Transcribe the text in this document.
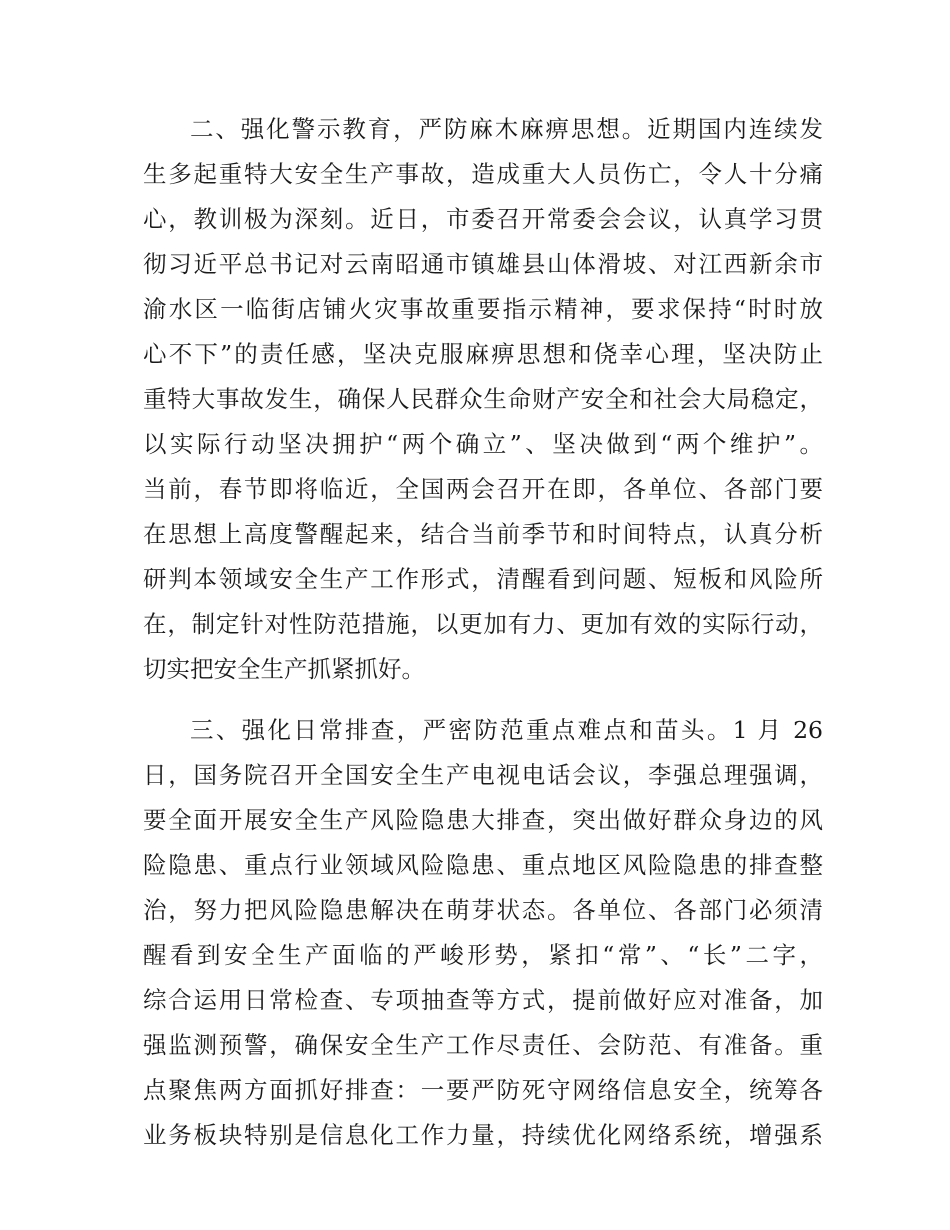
二、强化警示教育，严防麻木麻痹思想。近期国内连续发
生多起重特大安全生产事故，造成重大人员伤亡，令人十分痛
心，教训极为深刻。近日，市委召开常委会会议，认真学习贯
彻习近平总书记对云南昭通市镇雄县山体滑坡、对江西新余市
渝水区一临街店铺火灾事故重要指示精神，要求保持“时时放
心不下”的责任感，坚决克服麻痹思想和侥幸心理，坚决防止
重特大事故发生，确保人民群众生命财产安全和社会大局稳定，
以实际行动坚决拥护“两个确立”、坚决做到“两个维护”。
当前，春节即将临近，全国两会召开在即，各单位、各部门要
在思想上高度警醒起来，结合当前季节和时间特点，认真分析
研判本领域安全生产工作形式，清醒看到问题、短板和风险所
在，制定针对性防范措施，以更加有力、更加有效的实际行动，
切实把安全生产抓紧抓好。
三、强化日常排查，严密防范重点难点和苗头。1 月 26
日，国务院召开全国安全生产电视电话会议，李强总理强调，
要全面开展安全生产风险隐患大排查，突出做好群众身边的风
险隐患、重点行业领域风险隐患、重点地区风险隐患的排查整
治，努力把风险隐患解决在萌芽状态。各单位、各部门必须清
醒看到安全生产面临的严峻形势，紧扣“常”、“长”二字，
综合运用日常检查、专项抽查等方式，提前做好应对准备，加
强监测预警，确保安全生产工作尽责任、会防范、有准备。重
点聚焦两方面抓好排查：一要严防死守网络信息安全，统筹各
业务板块特别是信息化工作力量，持续优化网络系统，增强系
